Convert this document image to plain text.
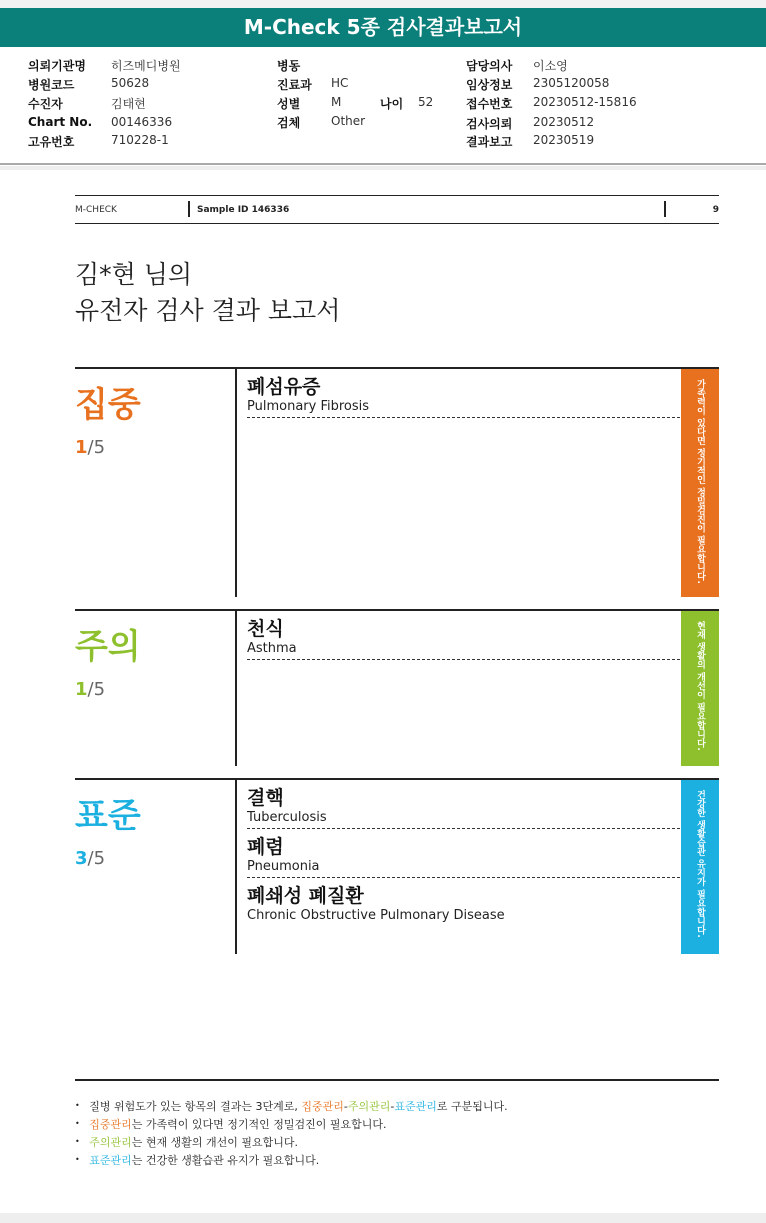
M-Check 5종 검사결과보고서
의뢰기관명 히즈메디병원
병원코드	50628
수진자	김태현
Chart No. 00146336
고유번호	710228-1
병동
진료과 HC
성별	M	나이 52
검체	Other
담당의사 이소영
임상정보 2305120058
접수번호 20230512-15816
검사의뢰 20230512
결과보고 20230519
M-CHECK	Sample ID 146336	9
김*현 님의
유전자 검사 결과 보고서
집중
1/5
폐섬유증
Pulmonary Fibrosis	가족력이 있다면 정기적인 정밀검진이 필요합니다.
주의
1/5
천식
Asthma	현재 생활의 개선이 필요합니다.
표준
3/5
결핵
Tuberculosis
폐렴
Pneumonia
폐쇄성 폐질환
Chronic Obstructive Pulmonary Disease	건강한 생활습관 유지가 필요합니다.
• 질병 위험도가 있는 항목의 결과는 3단계로, 집중관리-주의관리-표준관리로 구분됩니다.
• 집중관리는 가족력이 있다면 정기적인 정밀검진이 필요합니다.
• 주의관리는 현재 생활의 개선이 필요합니다.
• 표준관리는 건강한 생활습관 유지가 필요합니다.
